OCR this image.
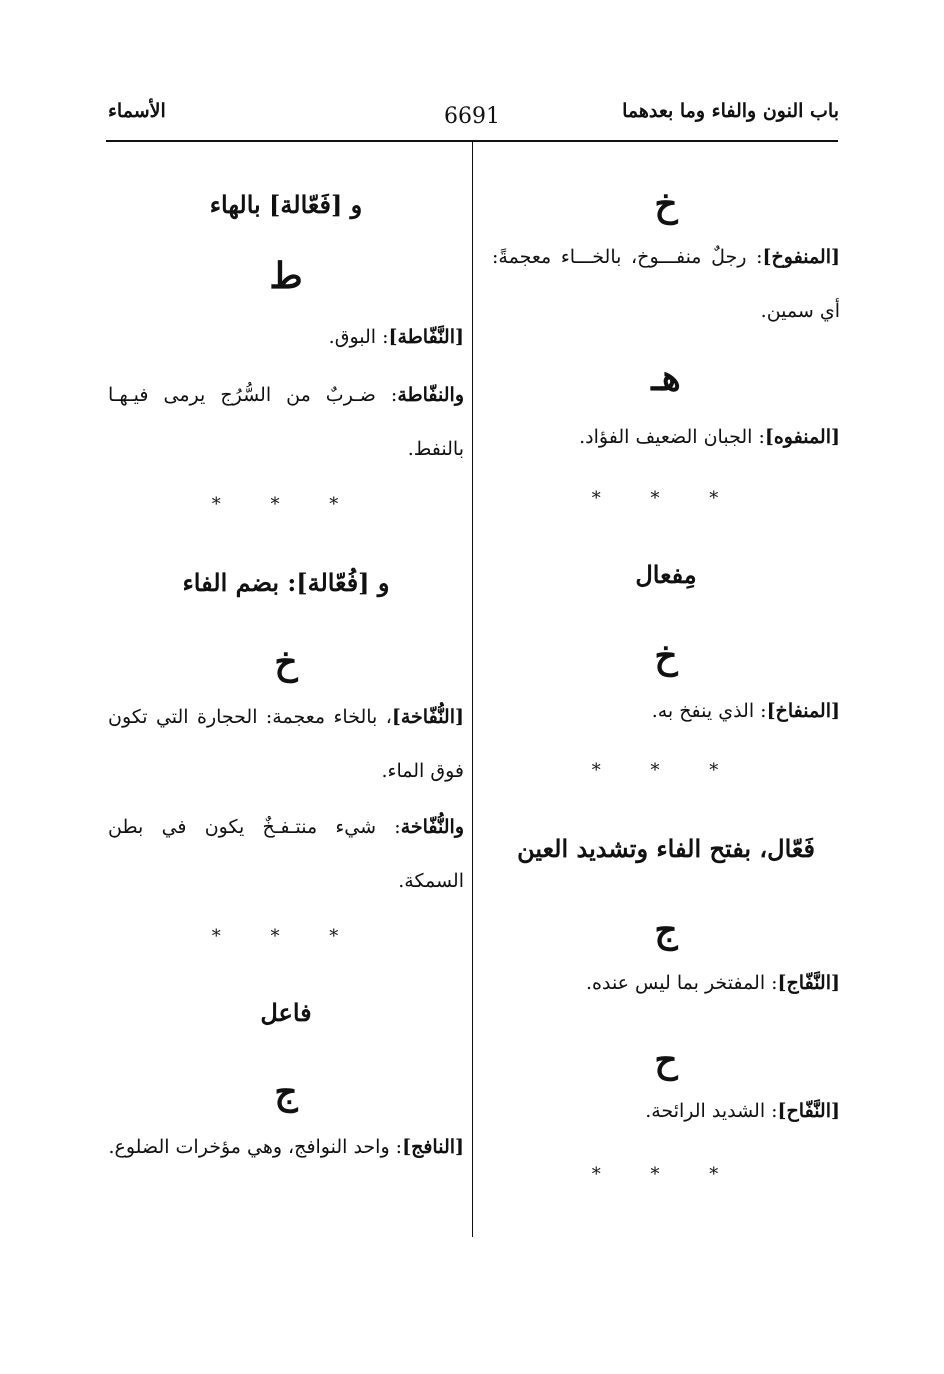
باب النون والفاء وما بعدهما
6691
الأسماء
خ
[المنفوخ]: رجلٌ منفـــوخ، بالخـــاء معجمةً: أي سمين.
هـ
[المنفوه]: الجبان الضعيف الفؤاد.
* * *
مِفعال
خ
[المنفاخ]: الذي ينفخ به.
* * *
فَعّال، بفتح الفاء وتشديد العين
ج
[النَّفّاج]: المفتخر بما ليس عنده.
ح
[النَّفّاح]: الشديد الرائحة.
* * *
و [فَعّالة] بالهاء
ط
[النَّفّاطة]: البوق.
والنفّاطة: ضـربٌ من السُّرُج يرمى فيـهـا بالنفط.
* * *
و [فُعّالة]: بضم الفاء
خ
[النُّفّاخة]، بالخاء معجمة: الحجارة التي تكون فوق الماء.
والنُّفّاخة: شيء منتـفـخٌ يكون في بطن السمكة.
* * *
فاعل
ج
[النافج]: واحد النوافج، وهي مؤخرات الضلوع.
